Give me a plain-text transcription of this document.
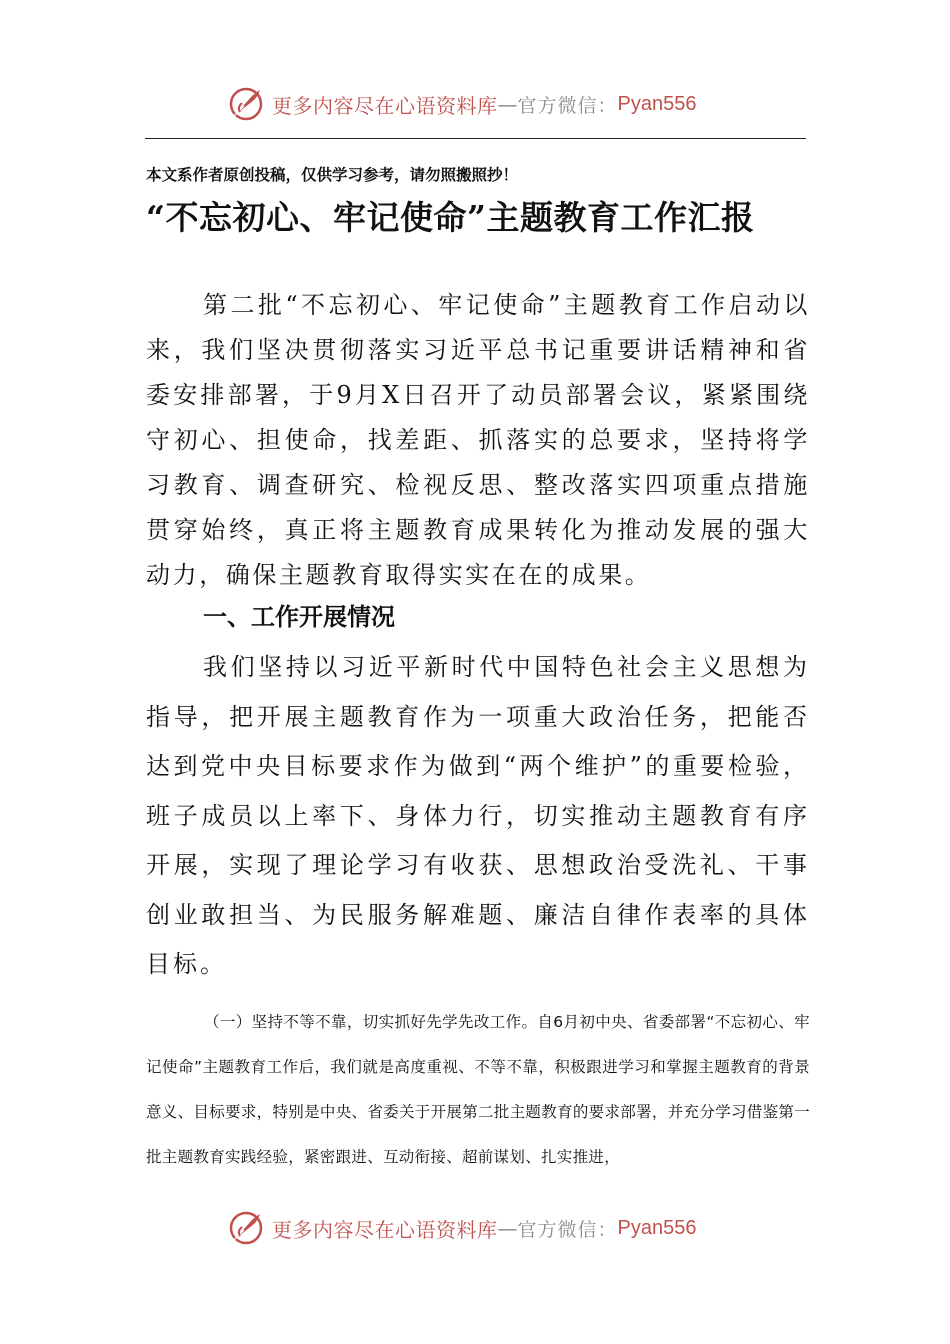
更多内容尽在心语资料库 — 官方微信： Pyan556
本文系作者原创投稿，仅供学习参考，请勿照搬照抄！
“不忘初心、牢记使命”主题教育工作汇报

第二批“不忘初心、牢记使命”主题教育工作启动以来，我们坚决贯彻落实习近平总书记重要讲话精神和省委安排部署，于9月X日召开了动员部署会议，紧紧围绕守初心、担使命，找差距、抓落实的总要求，坚持将学习教育、调查研究、检视反思、整改落实四项重点措施贯穿始终，真正将主题教育成果转化为推动发展的强大动力，确保主题教育取得实实在在的成果。

一、工作开展情况

我们坚持以习近平新时代中国特色社会主义思想为指导，把开展主题教育作为一项重大政治任务，把能否达到党中央目标要求作为做到“两个维护”的重要检验，班子成员以上率下、身体力行，切实推动主题教育有序开展，实现了理论学习有收获、思想政治受洗礼、干事创业敢担当、为民服务解难题、廉洁自律作表率的具体目标。

（一）坚持不等不靠，切实抓好先学先改工作。自6月初中央、省委部署“不忘初心、牢记使命”主题教育工作后，我们就是高度重视、不等不靠，积极跟进学习和掌握主题教育的背景意义、目标要求，特别是中央、省委关于开展第二批主题教育的要求部署，并充分学习借鉴第一批主题教育实践经验，紧密跟进、互动衔接、超前谋划、扎实推进，

更多内容尽在心语资料库 — 官方微信： Pyan556
